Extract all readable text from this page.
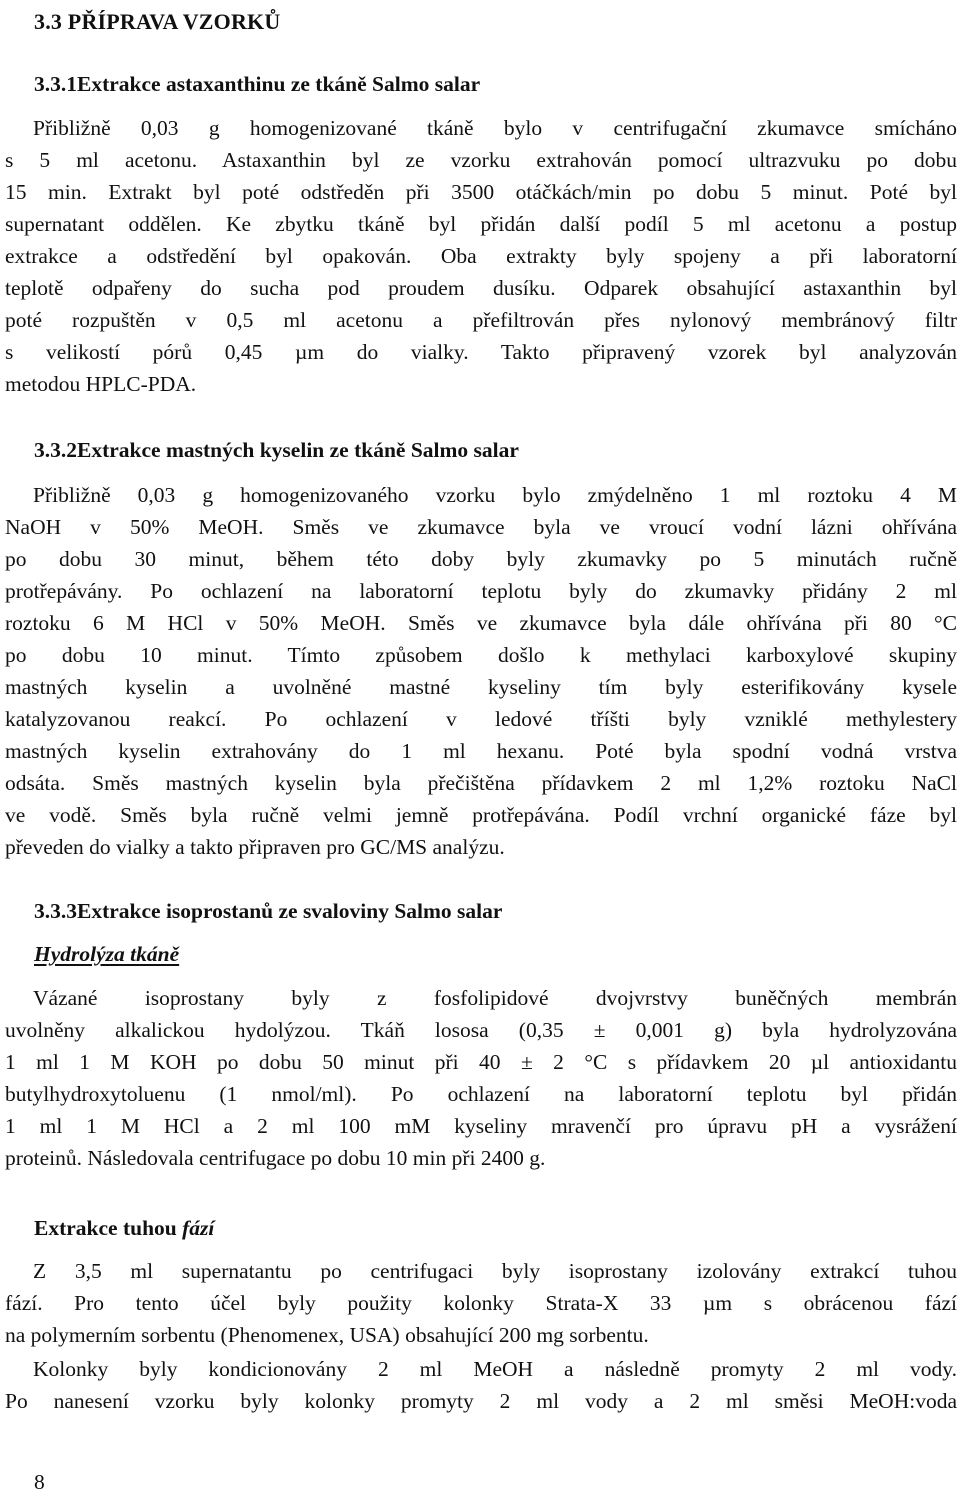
3.3 PŘÍPRAVA VZORKŮ
3.3.1Extrakce astaxanthinu ze tkáně Salmo salar
Přibližně 0,03 g homogenizované tkáně bylo v centrifugační zkumavce smícháno
s 5 ml acetonu. Astaxanthin byl ze vzorku extrahován pomocí ultrazvuku po dobu
15 min. Extrakt byl poté odstředěn při 3500 otáčkách/min po dobu 5 minut. Poté byl
supernatant oddělen. Ke zbytku tkáně byl přidán další podíl 5 ml acetonu a postup
extrakce a odstředění byl opakován. Oba extrakty byly spojeny a při laboratorní
teplotě odpařeny do sucha pod proudem dusíku. Odparek obsahující astaxanthin byl
poté rozpuštěn v 0,5 ml acetonu a přefiltrován přes nylonový membránový filtr
s velikostí pórů 0,45 µm do vialky. Takto připravený vzorek byl analyzován
metodou HPLC-PDA.
3.3.2Extrakce mastných kyselin ze tkáně Salmo salar
Přibližně 0,03 g homogenizovaného vzorku bylo zmýdelněno 1 ml roztoku 4 M
NaOH v 50% MeOH. Směs ve zkumavce byla ve vroucí vodní lázni ohřívána
po dobu 30 minut, během této doby byly zkumavky po 5 minutách ručně
protřepávány. Po ochlazení na laboratorní teplotu byly do zkumavky přidány 2 ml
roztoku 6 M HCl v 50% MeOH. Směs ve zkumavce byla dále ohřívána při 80 °C
po dobu 10 minut. Tímto způsobem došlo k methylaci karboxylové skupiny
mastných kyselin a uvolněné mastné kyseliny tím byly esterifikovány kysele
katalyzovanou reakcí. Po ochlazení v ledové tříšti byly vzniklé methylestery
mastných kyselin extrahovány do 1 ml hexanu. Poté byla spodní vodná vrstva
odsáta. Směs mastných kyselin byla přečištěna přídavkem 2 ml 1,2% roztoku NaCl
ve vodě. Směs byla ručně velmi jemně protřepávána. Podíl vrchní organické fáze byl
převeden do vialky a takto připraven pro GC/MS analýzu.
3.3.3Extrakce isoprostanů ze svaloviny Salmo salar
Hydrolýza tkáně
Vázané isoprostany byly z fosfolipidové dvojvrstvy buněčných membrán
uvolněny alkalickou hydolýzou. Tkáň lososa (0,35 ± 0,001 g) byla hydrolyzována
1 ml 1 M KOH po dobu 50 minut při 40 ± 2 °C s přídavkem 20 µl antioxidantu
butylhydroxytoluenu (1 nmol/ml). Po ochlazení na laboratorní teplotu byl přidán
1 ml 1 M HCl a 2 ml 100 mM kyseliny mravenčí pro úpravu pH a vysrážení
proteinů. Následovala centrifugace po dobu 10 min při 2400 g.
Extrakce tuhou fází
Z 3,5 ml supernatantu po centrifugaci byly isoprostany izolovány extrakcí tuhou
fází. Pro tento účel byly použity kolonky Strata-X 33 µm s obrácenou fází
na polymerním sorbentu (Phenomenex, USA) obsahující 200 mg sorbentu.
Kolonky byly kondicionovány 2 ml MeOH a následně promyty 2 ml vody.
Po nanesení vzorku byly kolonky promyty 2 ml vody a 2 ml směsi MeOH:voda
8
